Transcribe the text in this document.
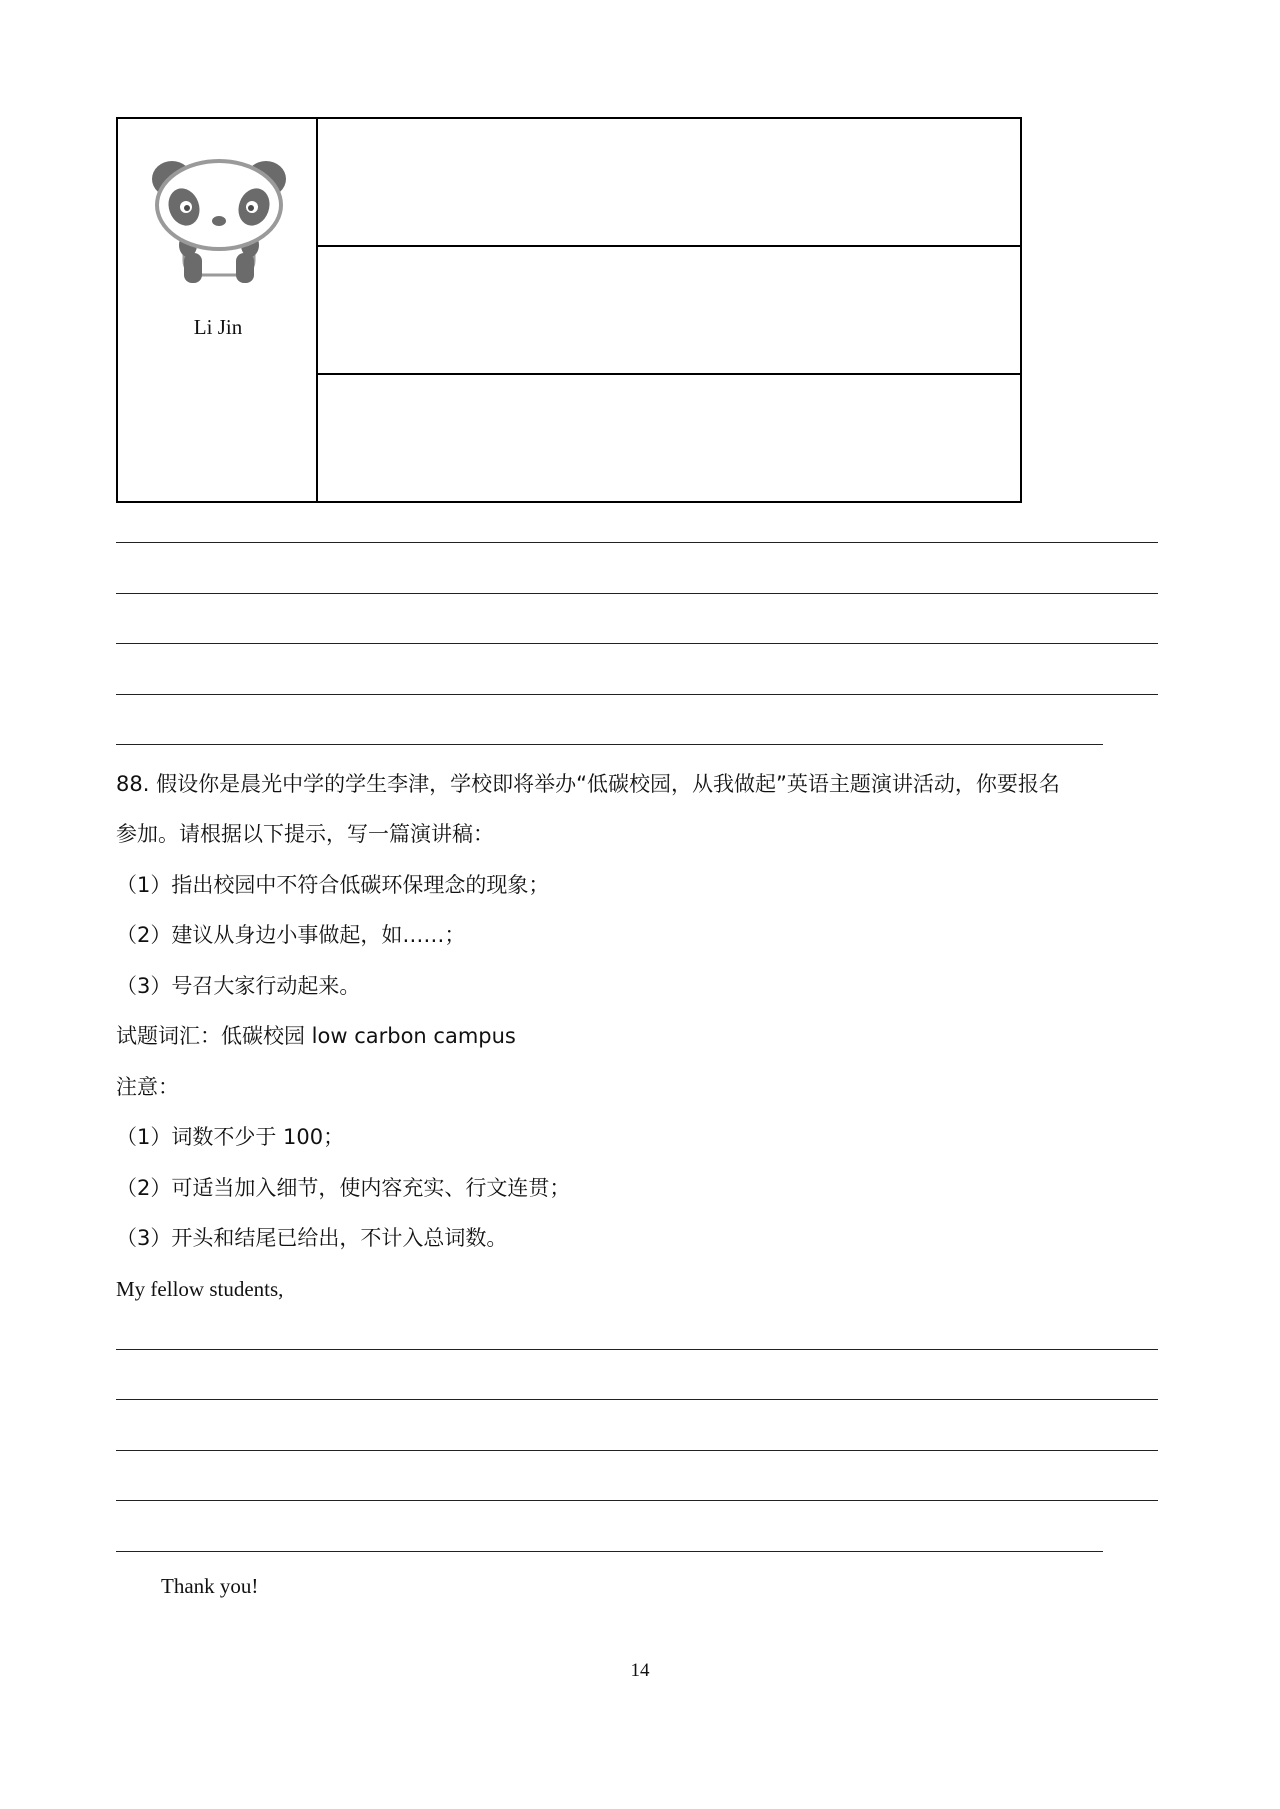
Li Jin
88. 假设你是晨光中学的学生李津，学校即将举办“低碳校园，从我做起”英语主题演讲活动，你要报名
参加。请根据以下提示，写一篇演讲稿：
（1）指出校园中不符合低碳环保理念的现象；
（2）建议从身边小事做起，如……；
（3）号召大家行动起来。
试题词汇：低碳校园 low carbon campus
注意：
（1）词数不少于 100；
（2）可适当加入细节，使内容充实、行文连贯；
（3）开头和结尾已给出，不计入总词数。
My fellow students,
Thank you!
14
